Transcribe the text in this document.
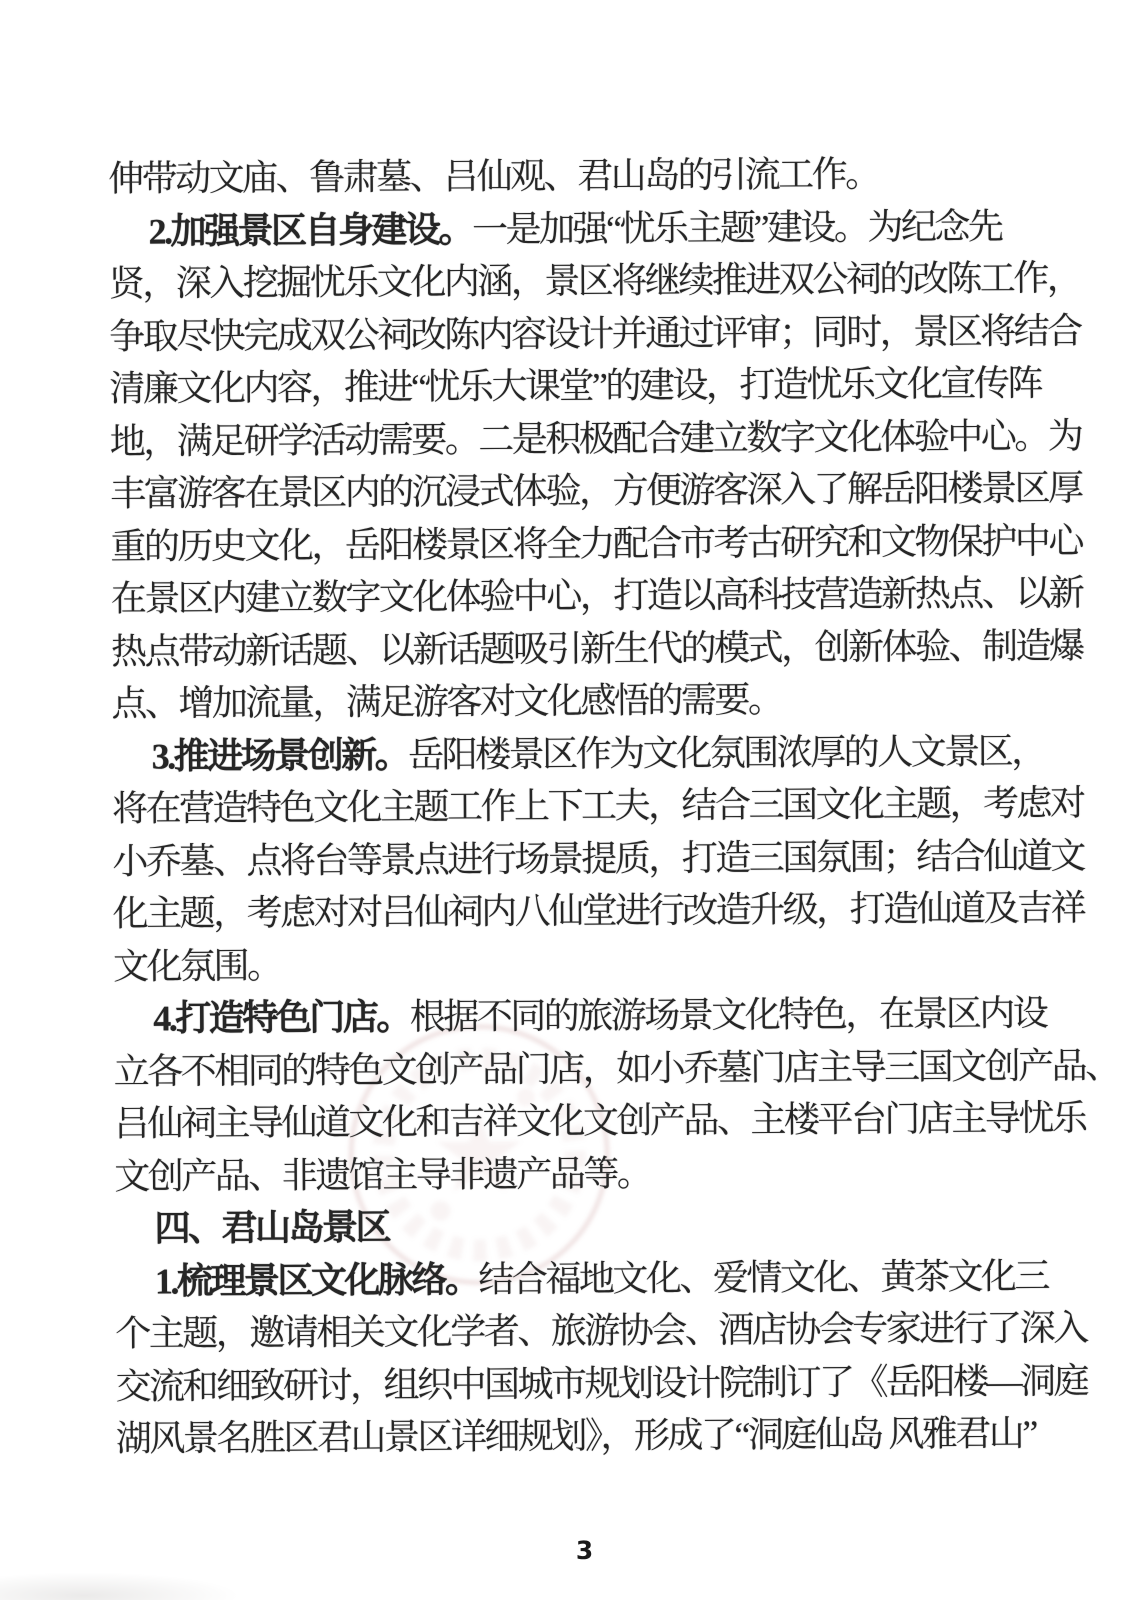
伸带动文庙、鲁肃墓、吕仙观、君山岛的引流工作。
2.加强景区自身建设。一是加强“忧乐主题”建设。为纪念先
贤，深入挖掘忧乐文化内涵，景区将继续推进双公祠的改陈工作，
争取尽快完成双公祠改陈内容设计并通过评审；同时，景区将结合
清廉文化内容，推进“忧乐大课堂”的建设，打造忧乐文化宣传阵
地，满足研学活动需要。二是积极配合建立数字文化体验中心。为
丰富游客在景区内的沉浸式体验，方便游客深入了解岳阳楼景区厚
重的历史文化，岳阳楼景区将全力配合市考古研究和文物保护中心
在景区内建立数字文化体验中心，打造以高科技营造新热点、以新
热点带动新话题、以新话题吸引新生代的模式，创新体验、制造爆
点、增加流量，满足游客对文化感悟的需要。
3.推进场景创新。岳阳楼景区作为文化氛围浓厚的人文景区，
将在营造特色文化主题工作上下工夫，结合三国文化主题，考虑对
小乔墓、点将台等景点进行场景提质，打造三国氛围；结合仙道文
化主题，考虑对对吕仙祠内八仙堂进行改造升级，打造仙道及吉祥
文化氛围。
4.打造特色门店。根据不同的旅游场景文化特色，在景区内设
立各不相同的特色文创产品门店，如小乔墓门店主导三国文创产品、
吕仙祠主导仙道文化和吉祥文化文创产品、主楼平台门店主导忧乐
文创产品、非遗馆主导非遗产品等。
四、君山岛景区
1.梳理景区文化脉络。结合福地文化、爱情文化、黄茶文化三
个主题，邀请相关文化学者、旅游协会、酒店协会专家进行了深入
交流和细致研讨，组织中国城市规划设计院制订了《岳阳楼—洞庭
湖风景名胜区君山景区详细规划》，形成了“洞庭仙岛 风雅君山”
3
